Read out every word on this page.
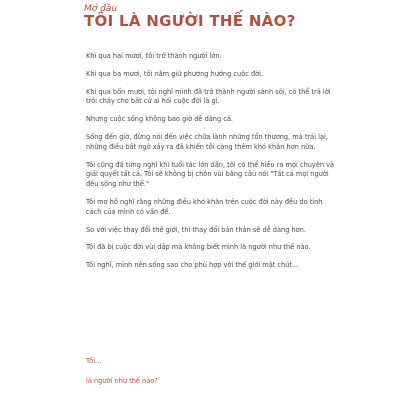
Mở đầu
TÔI LÀ NGƯỜI THẾ NÀO?

Khi qua hai mươi, tôi trở thành người lớn.

Khi qua ba mươi, tôi nắm giữ phương hướng cuộc đời.

Khi qua bốn mươi, tôi nghĩ mình đã trở thành người sành sỏi, có thể trả lời trôi chảy cho bất cứ ai hỏi cuộc đời là gì.

Nhưng cuộc sống không bao giờ dễ dàng cả.

Sống đến giờ, đừng nói đến việc chữa lành những tổn thương, mà trái lại, những điều bất ngờ xảy ra đã khiến tôi càng thêm khó khăn hơn nữa.

Tôi cũng đã từng nghĩ khi tuổi tác lớn dần, tôi có thể hiểu ra mọi chuyện và giải quyết tất cả. Tôi sẽ không bị chôn vùi bằng câu nói "Tất cả mọi người đều sống như thế."

Tôi mơ hồ nghĩ rằng những điều khó khăn trên cuộc đời này đều do tính cách của mình có vấn đề.

So với việc thay đổi thế giới, thì thay đổi bản thân sẽ dễ dàng hơn.

Tôi đã bị cuộc đời vùi dập mà không biết mình là người như thế nào.

Tôi nghĩ, mình nên sống sao cho phù hợp với thế giới mật chút...

Tôi...
là người như thế nào?
